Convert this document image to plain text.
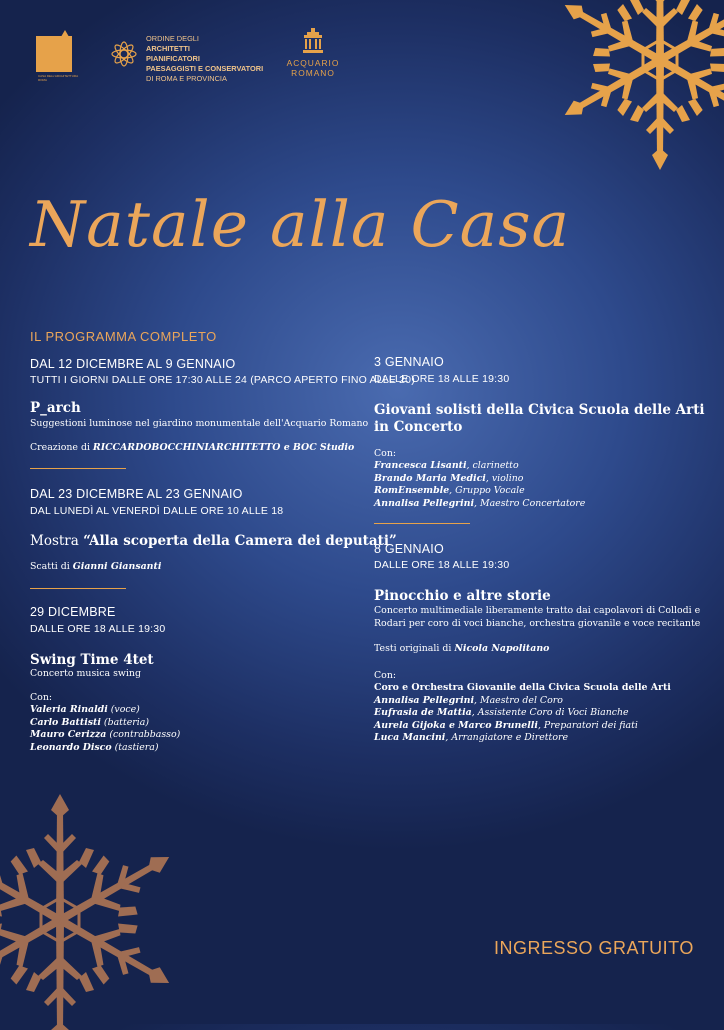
CASA DELL'ARCHITETTURA ROMA
ORDINE DEGLI
ARCHITETTI
PIANIFICATORI
PAESAGGISTI E CONSERVATORI
DI ROMA E PROVINCIA
ACQUARIO
ROMANO
Natale alla Casa
IL PROGRAMMA COMPLETO
DAL 12 DICEMBRE AL 9 GENNAIO
TUTTI I GIORNI DALLE ORE 17:30 ALLE 24 (PARCO APERTO FINO ALLE 20)
P_arch
Suggestioni luminose nel giardino monumentale dell'Acquario Romano
Creazione di RICCARDOBOCCHINIARCHITETTO e BOC Studio
DAL 23 DICEMBRE AL 23 GENNAIO
DAL LUNEDÌ AL VENERDÌ DALLE ORE 10 ALLE 18
Mostra “Alla scoperta della Camera dei deputati”
Scatti di Gianni Giansanti
29 DICEMBRE
DALLE ORE 18 ALLE 19:30
Swing Time 4tet
Concerto musica swing
Con:
Valeria Rinaldi (voce)
Carlo Battisti (batteria)
Mauro Cerizza (contrabbasso)
Leonardo Disco (tastiera)
3 GENNAIO
DALLE ORE 18 ALLE 19:30
Giovani solisti della Civica Scuola delle Arti
in Concerto
Con:
Francesca Lisanti, clarinetto
Brando Maria Medici, violino
RomEnsemble, Gruppo Vocale
Annalisa Pellegrini, Maestro Concertatore
8 GENNAIO
DALLE ORE 18 ALLE 19:30
Pinocchio e altre storie
Concerto multimediale liberamente tratto dai capolavori di Collodi e
Rodari per coro di voci bianche, orchestra giovanile e voce recitante
Testi originali di Nicola Napolitano
Con:
Coro e Orchestra Giovanile della Civica Scuola delle Arti
Annalisa Pellegrini, Maestro del Coro
Eufrasia de Mattia, Assistente Coro di Voci Bianche
Aurela Gijoka e Marco Brunelli, Preparatori dei fiati
Luca Mancini, Arrangiatore e Direttore
INGRESSO GRATUITO
